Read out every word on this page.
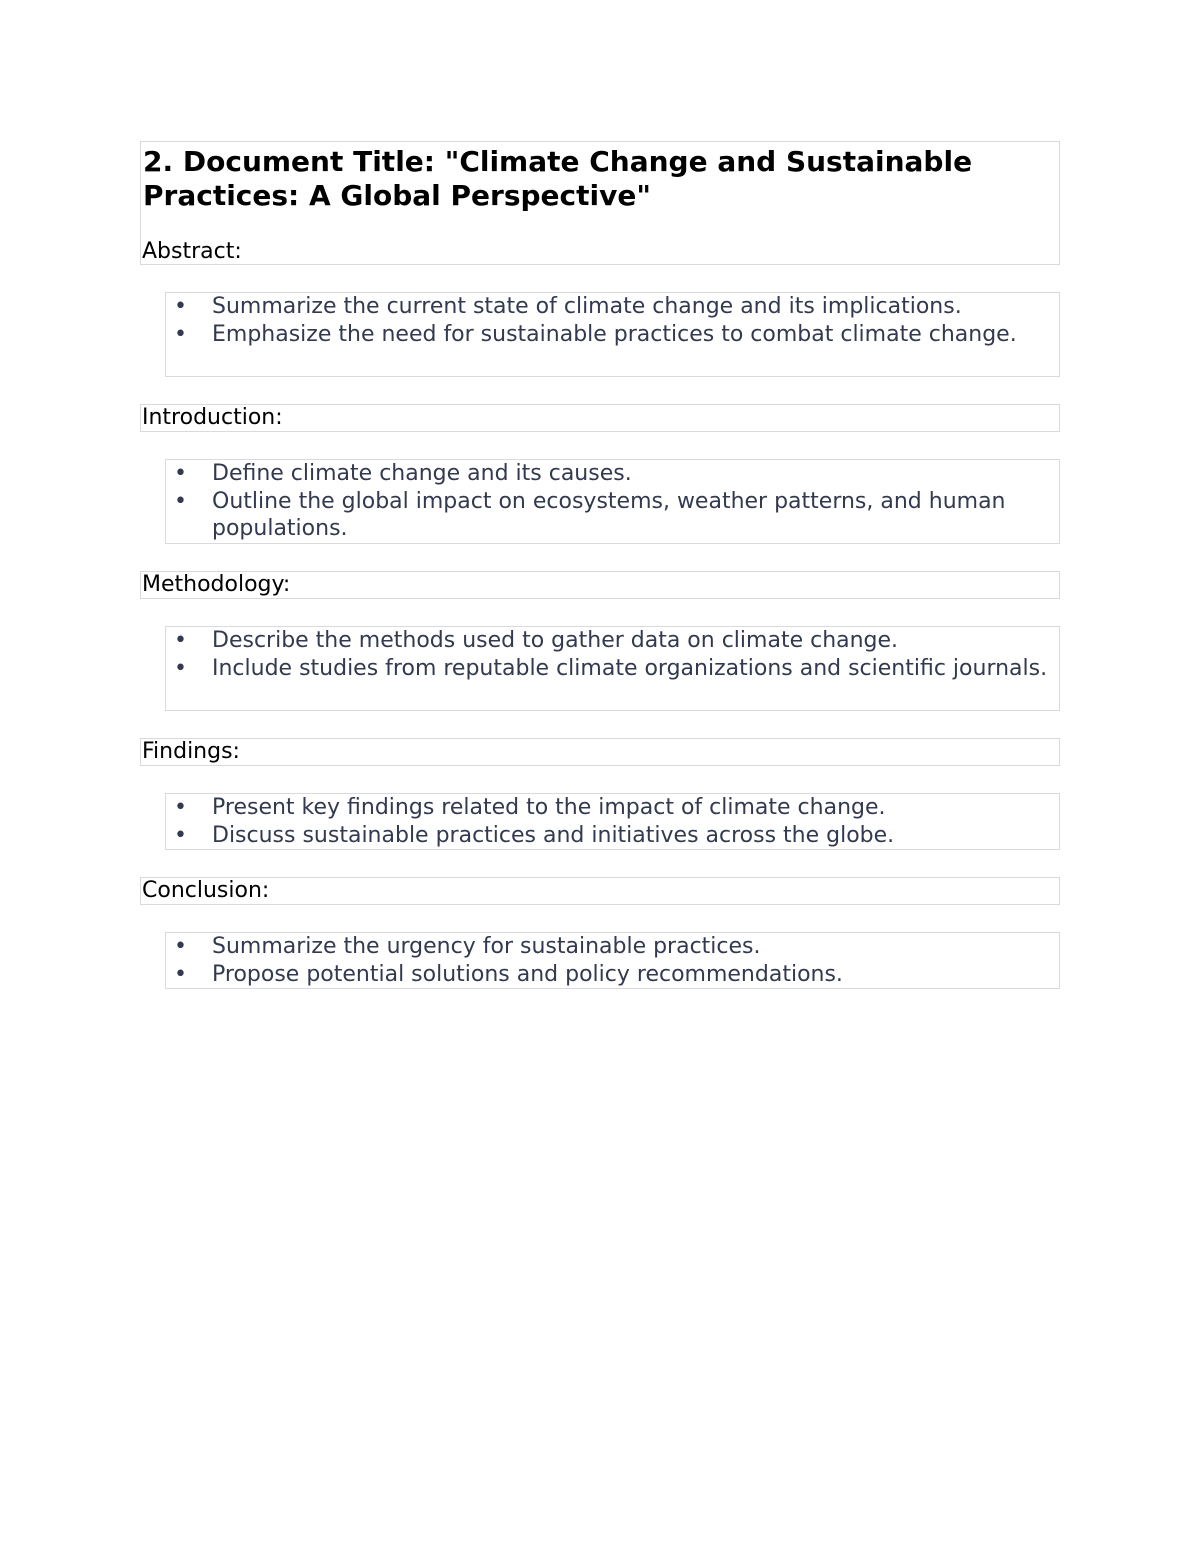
2. Document Title: "Climate Change and Sustainable Practices: A Global Perspective"
Abstract:
• Summarize the current state of climate change and its implications.
• Emphasize the need for sustainable practices to combat climate change.
Introduction:
• Define climate change and its causes.
• Outline the global impact on ecosystems, weather patterns, and human populations.
Methodology:
• Describe the methods used to gather data on climate change.
• Include studies from reputable climate organizations and scientific journals.
Findings:
• Present key findings related to the impact of climate change.
• Discuss sustainable practices and initiatives across the globe.
Conclusion:
• Summarize the urgency for sustainable practices.
• Propose potential solutions and policy recommendations.
